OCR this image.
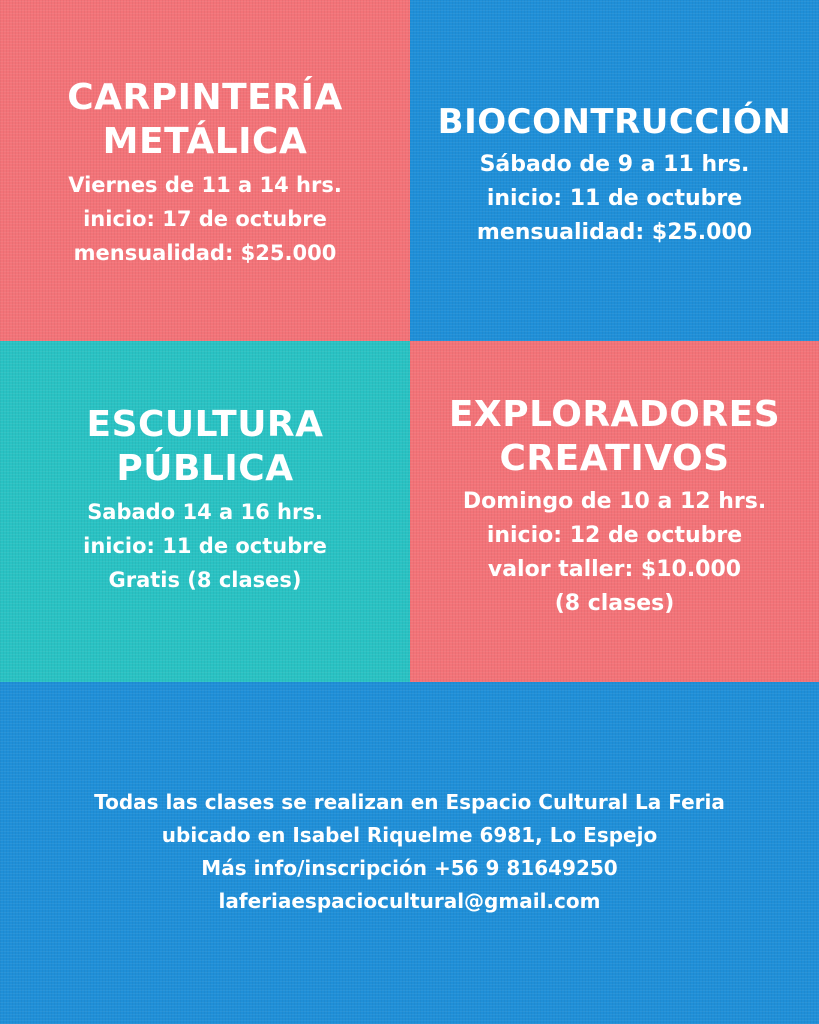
CARPINTERÍA
METÁLICA
Viernes de 11 a 14 hrs.
inicio: 17 de octubre
mensualidad: $25.000
BIOCONTRUCCIÓN
Sábado de 9 a 11 hrs.
inicio: 11 de octubre
mensualidad: $25.000
ESCULTURA
PÚBLICA
Sabado 14 a 16 hrs.
inicio: 11 de octubre
Gratis (8 clases)
EXPLORADORES
CREATIVOS
Domingo de 10 a 12 hrs.
inicio: 12 de octubre
valor taller: $10.000
(8 clases)
Todas las clases se realizan en Espacio Cultural La Feria
ubicado en Isabel Riquelme 6981, Lo Espejo
Más info/inscripción +56 9 81649250
laferiaespaciocultural@gmail.com
